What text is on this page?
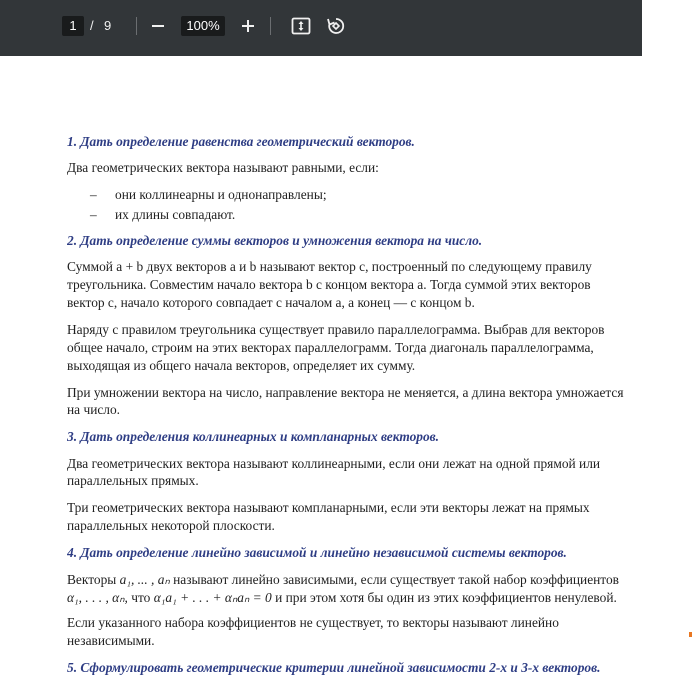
1	/ 9	100%
1. Дать определение равенства геометрический векторов.
Два геометрических вектора называют равными, если:
– они коллинеарны и однонаправлены;
– их длины совпадают.
2. Дать определение суммы векторов и умножения вектора на число.
Суммой a + b двух векторов a и b называют вектор c, построенный по следующему правилу
треугольника. Совместим начало вектора b с концом вектора a. Тогда суммой этих векторов
вектор c, начало которого совпадает с началом a, а конец — с концом b.
Наряду с правилом треугольника существует правило параллелограмма. Выбрав для векторов
общее начало, строим на этих векторах параллелограмм. Тогда диагональ параллелограмма,
выходящая из общего начала векторов, определяет их сумму.
При умножении вектора на число, направление вектора не меняется, а длина вектора умножается
на число.
3. Дать определения коллинеарных и компланарных векторов.
Два геометрических вектора называют коллинеарными, если они лежат на одной прямой или
параллельных прямых.
Три геометрических вектора называют компланарными, если эти векторы лежат на прямых
параллельных некоторой плоскости.
4. Дать определение линейно зависимой и линейно независимой системы векторов.
Векторы a₁, ... , aₙ называют линейно зависимыми, если существует такой набор коэффициентов
α₁, . . . , αₙ, что α₁a₁ + . . . + αₙaₙ = 0 и при этом хотя бы один из этих коэффициентов ненулевой.
Если указанного набора коэффициентов не существует, то векторы называют линейно
независимыми.
5. Сформулировать геометрические критерии линейной зависимости 2-х и 3-х векторов.
